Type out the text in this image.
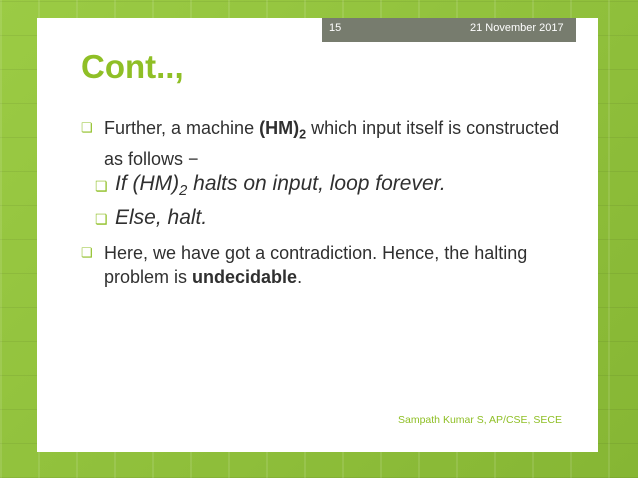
15	21 November 2017
Cont..,
❏ Further, a machine $(HM)_2$ which input itself is constructed as follows −
❏ If $(HM)_2$ halts on input, loop forever.
❏ Else, halt.
❏ Here, we have got a contradiction. Hence, the halting problem is undecidable.
Sampath Kumar S, AP/CSE, SECE
